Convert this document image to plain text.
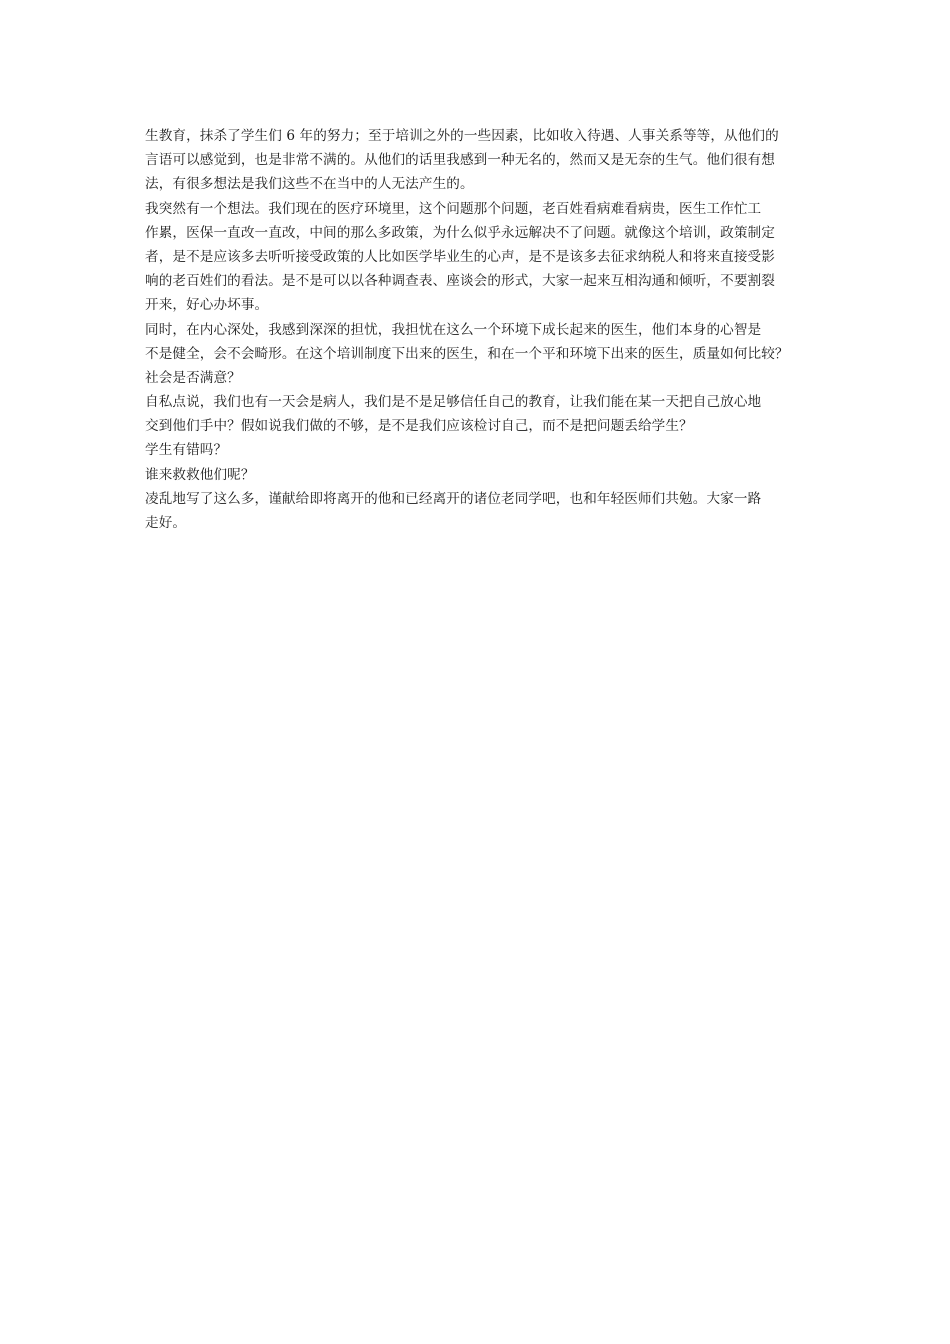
生教育，抹杀了学生们 6 年的努力；至于培训之外的一些因素，比如收入待遇、人事关系等等，从他们的
言语可以感觉到，也是非常不满的。从他们的话里我感到一种无名的，然而又是无奈的生气。他们很有想
法，有很多想法是我们这些不在当中的人无法产生的。
我突然有一个想法。我们现在的医疗环境里，这个问题那个问题，老百姓看病难看病贵，医生工作忙工
作累，医保一直改一直改，中间的那么多政策，为什么似乎永远解决不了问题。就像这个培训，政策制定
者，是不是应该多去听听接受政策的人比如医学毕业生的心声，是不是该多去征求纳税人和将来直接受影
响的老百姓们的看法。是不是可以以各种调查表、座谈会的形式，大家一起来互相沟通和倾听，不要割裂
开来，好心办坏事。
同时，在内心深处，我感到深深的担忧，我担忧在这么一个环境下成长起来的医生，他们本身的心智是
不是健全，会不会畸形。在这个培训制度下出来的医生，和在一个平和环境下出来的医生，质量如何比较？
社会是否满意？
自私点说，我们也有一天会是病人，我们是不是足够信任自己的教育，让我们能在某一天把自己放心地
交到他们手中？假如说我们做的不够，是不是我们应该检讨自己，而不是把问题丢给学生？
学生有错吗？
谁来救救他们呢？
凌乱地写了这么多，谨献给即将离开的他和已经离开的诸位老同学吧，也和年轻医师们共勉。大家一路
走好。
